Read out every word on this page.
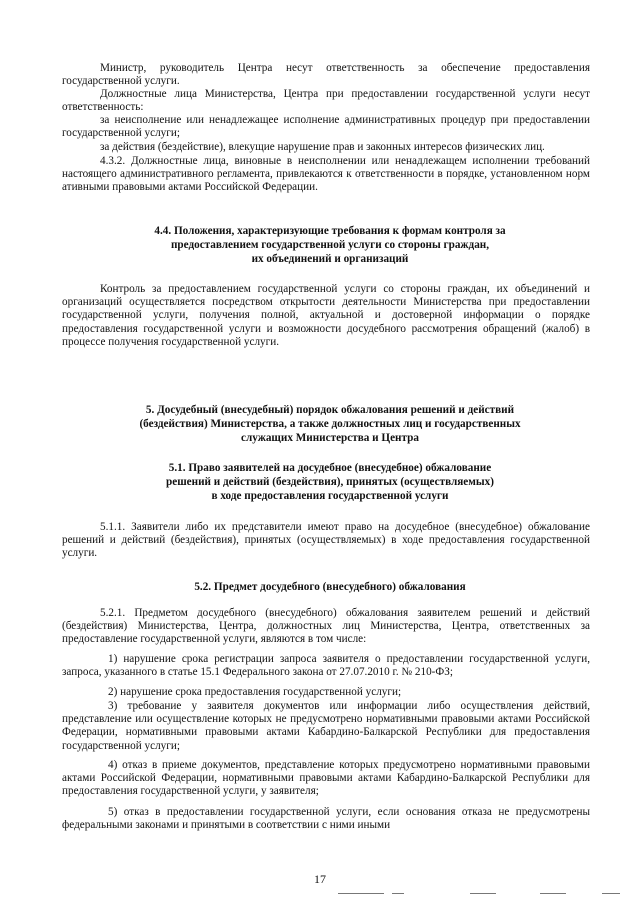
Министр, руководитель Центра несут ответственность за обеспечение предоставления государственной услуги.

Должностные лица Министерства, Центра при предоставлении государственной услуги несут ответственность:

за неисполнение или ненадлежащее исполнение административных процедур при предоставлении государственной услуги;

за действия (бездействие), влекущие нарушение прав и законных интересов физических лиц.

4.3.2. Должностные лица, виновные в неисполнении или ненадлежащем исполнении требований настоящего административного регламента, привлекаются к ответственности в порядке, установленном норм ативными правовыми актами Российской Федерации.

4.4. Положения, характеризующие требования к формам контроля за
предоставлением государственной услуги со стороны граждан,
их объединений и организаций

Контроль за предоставлением государственной услуги со стороны граждан, их объединений и организаций осуществляется посредством открытости деятельности Министерства при предоставлении государственной услуги, получения полной, актуальной и достоверной информации о порядке предоставления государственной услуги и возможности досудебного рассмотрения обращений (жалоб) в процессе получения государственной услуги.

5. Досудебный (внесудебный) порядок обжалования решений и действий
(бездействия) Министерства, а также должностных лиц и государственных
служащих Министерства и Центра
5.1. Право заявителей на досудебное (внесудебное) обжалование
решений и действий (бездействия), принятых (осуществляемых)
в ходе предоставления государственной услуги

5.1.1. Заявители либо их представители имеют право на досудебное (внесудебное) обжалование решений и действий (бездействия), принятых (осуществляемых) в ходе предоставления государственной услуги.

5.2. Предмет досудебного (внесудебного) обжалования

5.2.1. Предметом досудебного (внесудебного) обжалования заявителем решений и действий (бездействия) Министерства, Центра, должностных лиц Министерства, Центра, ответственных за предоставление государственной услуги, являются в том числе:

1) нарушение срока регистрации запроса заявителя о предоставлении государственной услуги, запроса, указанного в статье 15.1 Федерального закона от 27.07.2010 г. № 210-ФЗ;

2) нарушение срока предоставления государственной услуги;

3) требование у заявителя документов или информации либо осуществления действий, представление или осуществление которых не предусмотрено нормативными правовыми актами Российской Федерации, нормативными правовыми актами Кабардино-Балкарской Республики для предоставления государственной услуги;

4) отказ в приеме документов, представление которых предусмотрено нормативными правовыми актами Российской Федерации, нормативными правовыми актами Кабардино-Балкарской Республики для предоставления государственной услуги, у заявителя;

5) отказ в предоставлении государственной услуги, если основания отказа не предусмотрены федеральными законами и принятыми в соответствии с ними иными

17
